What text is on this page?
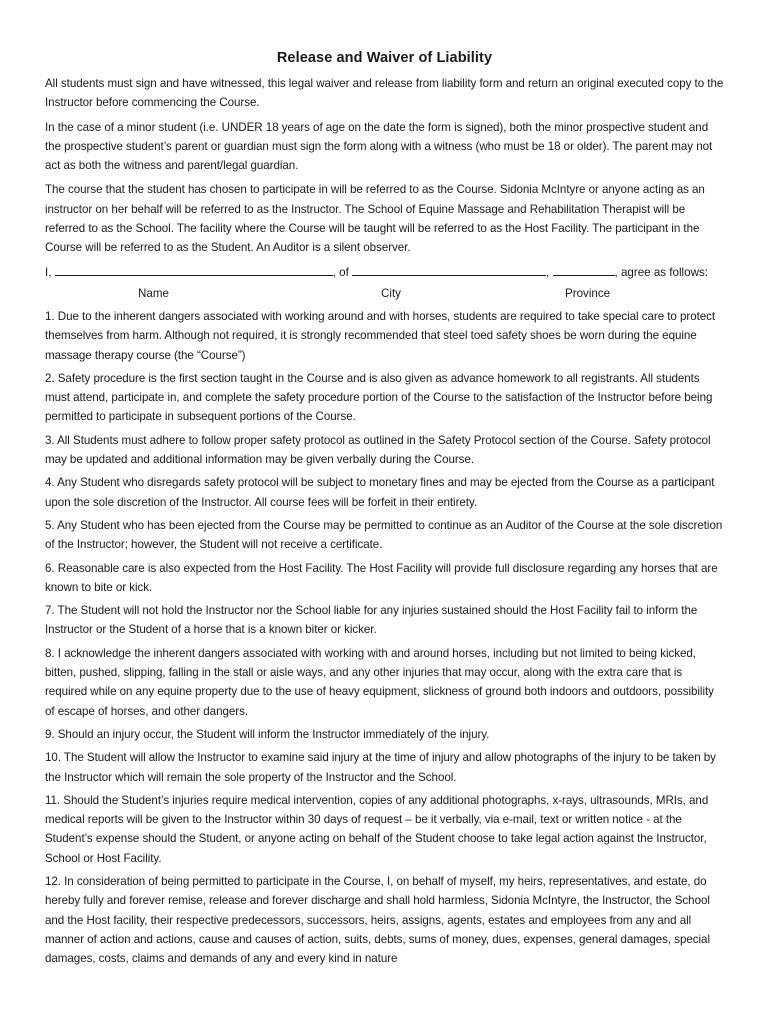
Release and Waiver of Liability

All students must sign and have witnessed, this legal waiver and release from liability form and return an original executed copy to the Instructor before commencing the Course.

In the case of a minor student (i.e. UNDER 18 years of age on the date the form is signed), both the minor prospective student and the prospective student’s parent or guardian must sign the form along with a witness (who must be 18 or older). The parent may not act as both the witness and parent/legal guardian.

The course that the student has chosen to participate in will be referred to as the Course. Sidonia McIntyre or anyone acting as an instructor on her behalf will be referred to as the Instructor. The School of Equine Massage and Rehabilitation Therapist will be referred to as the School. The facility where the Course will be taught will be referred to as the Host Facility. The participant in the Course will be referred to as the Student. An Auditor is a silent observer.

I,	, of	,	, agree as follows:

Name	City	Province

1. Due to the inherent dangers associated with working around and with horses, students are required to take special care to protect themselves from harm. Although not required, it is strongly recommended that steel toed safety shoes be worn during the equine massage therapy course (the “Course”)

2. Safety procedure is the first section taught in the Course and is also given as advance homework to all registrants. All students must attend, participate in, and complete the safety procedure portion of the Course to the satisfaction of the Instructor before being permitted to participate in subsequent portions of the Course.

3. All Students must adhere to follow proper safety protocol as outlined in the Safety Protocol section of the Course. Safety protocol may be updated and additional information may be given verbally during the Course.

4. Any Student who disregards safety protocol will be subject to monetary fines and may be ejected from the Course as a participant upon the sole discretion of the Instructor. All course fees will be forfeit in their entirety.

5. Any Student who has been ejected from the Course may be permitted to continue as an Auditor of the Course at the sole discretion of the Instructor; however, the Student will not receive a certificate.

6. Reasonable care is also expected from the Host Facility. The Host Facility will provide full disclosure regarding any horses that are known to bite or kick.

7. The Student will not hold the Instructor nor the School liable for any injuries sustained should the Host Facility fail to inform the Instructor or the Student of a horse that is a known biter or kicker.

8. I acknowledge the inherent dangers associated with working with and around horses, including but not limited to being kicked, bitten, pushed, slipping, falling in the stall or aisle ways, and any other injuries that may occur, along with the extra care that is required while on any equine property due to the use of heavy equipment, slickness of ground both indoors and outdoors, possibility of escape of horses, and other dangers.

9. Should an injury occur, the Student will inform the Instructor immediately of the injury.

10. The Student will allow the Instructor to examine said injury at the time of injury and allow photographs of the injury to be taken by the Instructor which will remain the sole property of the Instructor and the School.

11. Should the Student’s injuries require medical intervention, copies of any additional photographs, x-rays, ultrasounds, MRIs, and medical reports will be given to the Instructor within 30 days of request – be it verbally, via e-mail, text or written notice - at the Student’s expense should the Student, or anyone acting on behalf of the Student choose to take legal action against the Instructor, School or Host Facility.

12. In consideration of being permitted to participate in the Course, I, on behalf of myself, my heirs, representatives, and estate, do hereby fully and forever remise, release and forever discharge and shall hold harmless, Sidonia McIntyre, the Instructor, the School and the Host facility, their respective predecessors, successors, heirs, assigns, agents, estates and employees from any and all manner of action and actions, cause and causes of action, suits, debts, sums of money, dues, expenses, general damages, special damages, costs, claims and demands of any and every kind in nature
